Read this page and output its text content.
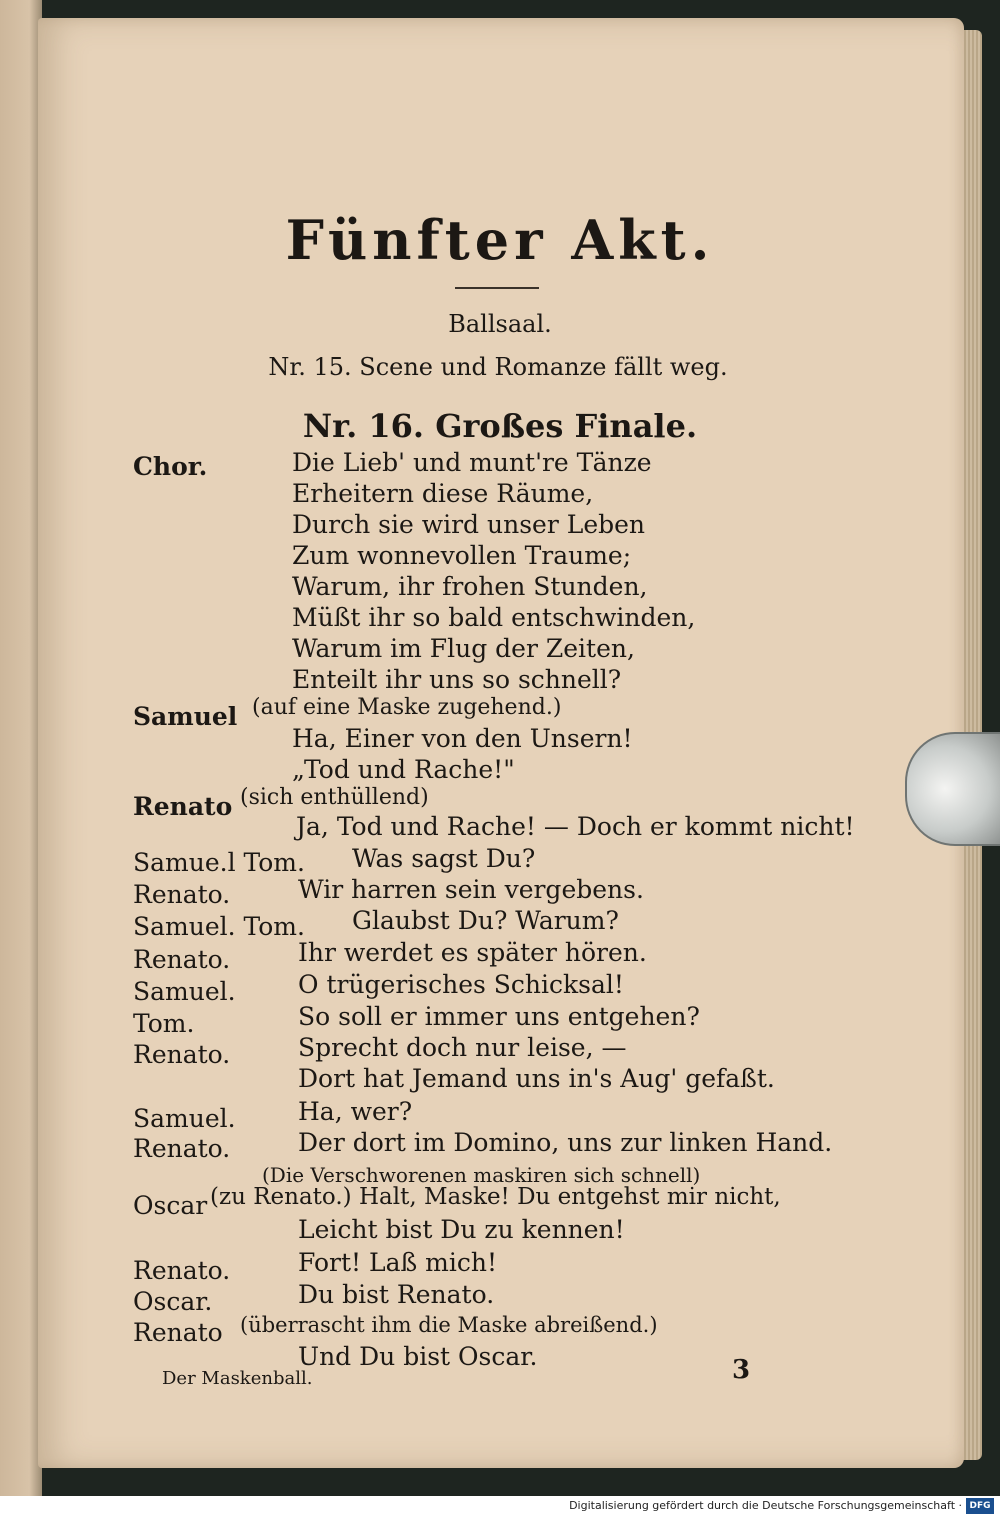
Fünfter Akt.
Ballsaal.
Nr. 15. Scene und Romanze fällt weg.
Nr. 16. Großes Finale.
Chor.	Die Lieb' und munt're Tänze
Erheitern diese Räume,
Durch sie wird unser Leben
Zum wonnevollen Traume;
Warum, ihr frohen Stunden,
Müßt ihr so bald entschwinden,
Warum im Flug der Zeiten,
Enteilt ihr uns so schnell?
Samuel (auf eine Maske zugehend.)
Ha, Einer von den Unsern!
„Tod und Rache!"
Renato (sich enthüllend)
Ja, Tod und Rache! — Doch er kommt nicht!
Samue.l Tom. Was sagst Du?
Renato.	Wir harren sein vergebens.
Samuel. Tom. Glaubst Du? Warum?
Renato.	Ihr werdet es später hören.
Samuel. O trügerisches Schicksal!
Tom.	So soll er immer uns entgehen?
Renato.	Sprecht doch nur leise, —
Dort hat Jemand uns in's Aug' gefaßt.
Samuel. Ha, wer?
Renato.	Der dort im Domino, uns zur linken Hand.
(Die Verschworenen maskiren sich schnell)
Oscar (zu Renato.) Halt, Maske! Du entgehst mir nicht,
Leicht bist Du zu kennen!
Renato.	Fort! Laß mich!
Oscar.	Du bist Renato.
Renato (überrascht ihm die Maske abreißend.)
Und Du bist Oscar.
Der Maskenball.	3
Digitalisierung gefördert durch die Deutsche Forschungsgemeinschaft · DFG
